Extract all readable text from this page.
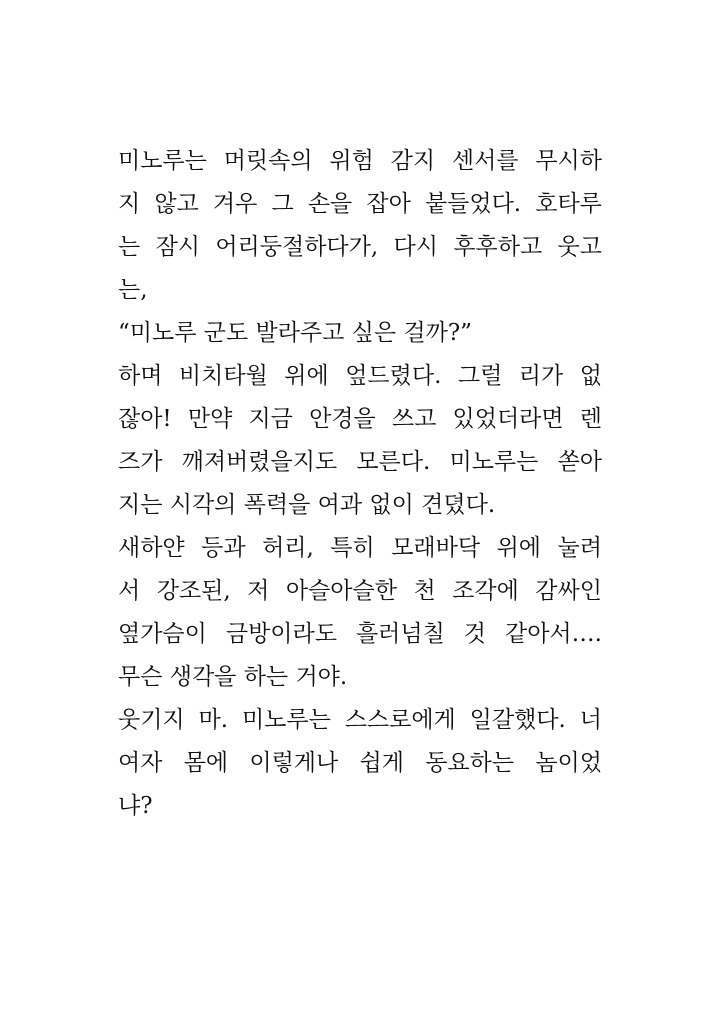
미노루는 머릿속의 위험 감지 센서를 무시하
지 않고 겨우 그 손을 잡아 붙들었다. 호타루
는 잠시 어리둥절하다가, 다시 후후하고 웃고
는,
“미노루 군도 발라주고 싶은 걸까?”
하며 비치타월 위에 엎드렸다. 그럴 리가 없
잖아! 만약 지금 안경을 쓰고 있었더라면 렌
즈가 깨져버렸을지도 모른다. 미노루는 쏟아
지는 시각의 폭력을 여과 없이 견뎠다.
새하얀 등과 허리, 특히 모래바닥 위에 눌려
서 강조된, 저 아슬아슬한 천 조각에 감싸인
옆가슴이 금방이라도 흘러넘칠 것 같아서….
무슨 생각을 하는 거야.
웃기지 마. 미노루는 스스로에게 일갈했다. 너
여자 몸에 이렇게나 쉽게 동요하는 놈이었
냐?
